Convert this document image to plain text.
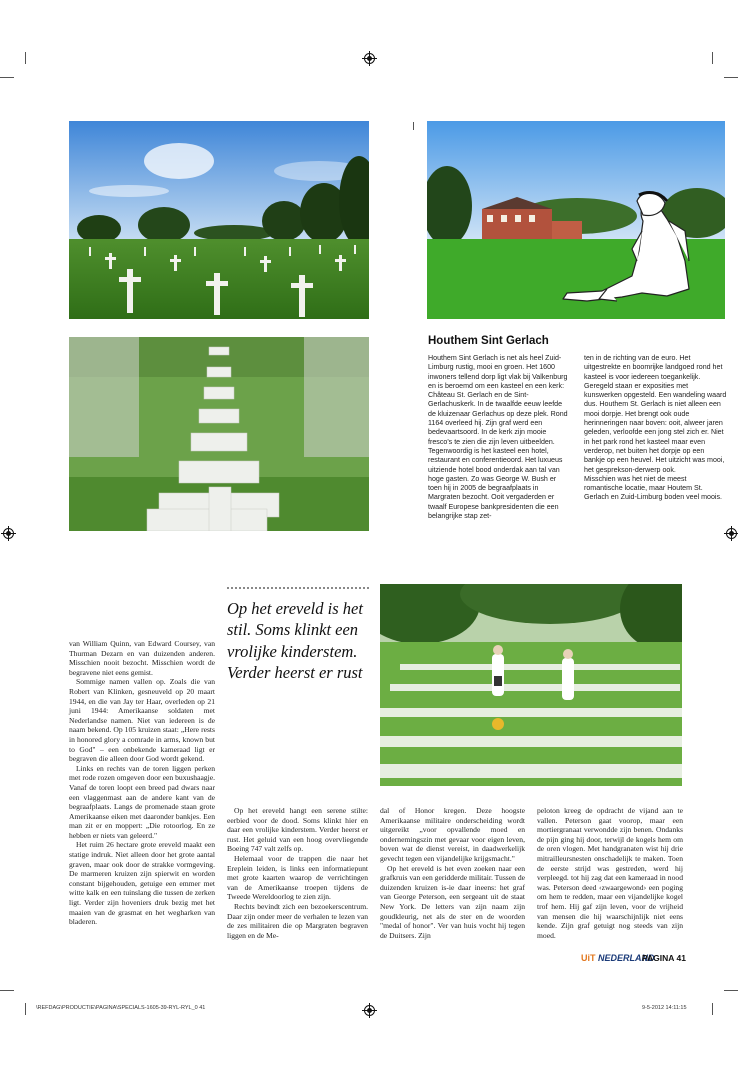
Houthem Sint Gerlach

Houthem Sint Gerlach is net als heel Zuid-Limburg rustig, mooi en groen. Het 1600 inwoners tellend dorp ligt vlak bij Valkenburg en is beroemd om een kasteel en een kerk: Château St. Gerlach en de Sint-Gerlachuskerk. In de twaalfde eeuw leefde de kluizenaar Gerlachus op deze plek. Rond 1164 overleed hij. Zijn graf werd een bedevaartsoord. In de kerk zijn mooie fresco's te zien die zijn leven uitbeelden. Tegenwoordig is het kasteel een hotel, restaurant en conferentieoord. Het luxueus uitziende hotel bood onderdak aan tal van hoge gasten. Zo was George W. Bush er toen hij in 2005 de begraafplaats in Margraten bezocht. Ooit vergaderden er twaalf Europese bankpresidenten die een belangrijke stap zet-

ten in de richting van de euro. Het uitgestrekte en boomrijke landgoed rond het kasteel is voor iedereen toegankelijk. Geregeld staan er exposities met kunswerken opgesteld. Een wandeling waard dus. Houthem St. Gerlach is niet alleen een mooi dorpje. Het brengt ook oude herinneringen naar boven: ooit, alweer jaren geleden, verloofde een jong stel zich er. Niet in het park rond het kasteel maar even verderop, net buiten het dorpje op een bankje op een heuvel. Het uitzicht was mooi, het gesprekson-derwerp ook.

Misschien was het niet de meest romantische locatie, maar Houtem St. Gerlach en Zuid-Limburg boden veel moois.

Op het ereveld is het stil. Soms klinkt een vrolijke kinderstem. Verder heerst er rust

van William Quinn, van Edward Coursey, van Thurman Dezarn en van duizenden anderen. Misschien nooit bezocht. Misschien wordt de begravene niet eens gemist.

Sommige namen vallen op. Zoals die van Robert van Klinken, gesneuveld op 20 maart 1944, en die van Jay ter Haar, overleden op 21 juni 1944: Amerikaanse soldaten met Nederlandse namen. Niet van iedereen is de naam bekend. Op 105 kruizen staat: „Here rests in honored glory a comrade in arms, known but to God" – een onbekende kameraad ligt er begraven die alleen door God wordt gekend.

Links en rechts van de toren liggen perken met rode rozen omgeven door een buxushaagje. Vanaf de toren loopt een breed pad dwars naar een vlaggenmast aan de andere kant van de begraafplaats. Langs de promenade staan grote Amerikaanse eiken met daaronder bankjes. Een man zit er en moppert: „Die rotoorlog. En ze hebben er niets van geleerd."

Het ruim 26 hectare grote ereveld maakt een statige indruk. Niet alleen door het grote aantal graven, maar ook door de strakke vormgeving. De marmeren kruizen zijn spierwit en worden constant bijgehouden, getuige een emmer met witte kalk en een tuinslang die tussen de zerken ligt. Verder zijn hoveniers druk bezig met het maaien van de grasmat en het wegharken van bladeren.

Op het ereveld hangt een serene stilte: eerbied voor de dood. Soms klinkt hier en daar een vrolijke kinderstem. Verder heerst er rust. Het geluid van een hoog overvliegende Boeing 747 valt zelfs op.

Helemaal voor de trappen die naar het Ereplein leiden, is links een informatiepunt met grote kaarten waarop de verrichtingen van de Amerikaanse troepen tijdens de Tweede Wereldoorlog te zien zijn.

Rechts bevindt zich een bezoekerscentrum. Daar zijn onder meer de verhalen te lezen van de zes militairen die op Margraten begraven liggen en de Me-

dal of Honor kregen. Deze hoogste Amerikaanse militaire onderscheiding wordt uitgereikt „voor opvallende moed en ondernemingszin met gevaar voor eigen leven, boven wat de dienst vereist, in daadwerkelijk gevecht tegen een vijandelijke krijgsmacht."

Op het ereveld is het even zoeken naar een grafkruis van een geridderde militair. Tussen de duizenden kruizen is-ie daar ineens: het graf van George Peterson, een sergeant uit de staat New York. De letters van zijn naam zijn goudkleurig, net als de ster en de woorden "medal of honor". Ver van huis vocht hij tegen de Duitsers. Zijn

peloton kreeg de opdracht de vijand aan te vallen. Peterson gaat voorop, maar een mortiergranaat verwondde zijn benen. Ondanks de pijn ging hij door, terwijl de kogels hem om de oren vlogen. Met handgranaten wist hij drie mitrailleursnesten onschadelijk te maken. Toen de eerste strijd was gestreden, werd hij verpleegd. tot hij zag dat een kameraad in nood was. Peterson deed ‹zwaargewond› een poging om hem te redden, maar een vijandelijke kogel trof hem. Hij gaf zijn leven, voor de vrijheid van mensen die hij waarschijnlijk niet eens kende. Zijn graf getuigt nog steeds van zijn moed.

UiT NEDERLAND
PAGINA 41
\REFDAG\PRODUCTIE\PAGINA\SPECIALS-1605-39-RYL-RYL_0 41	9-5-2012 14:11:15
